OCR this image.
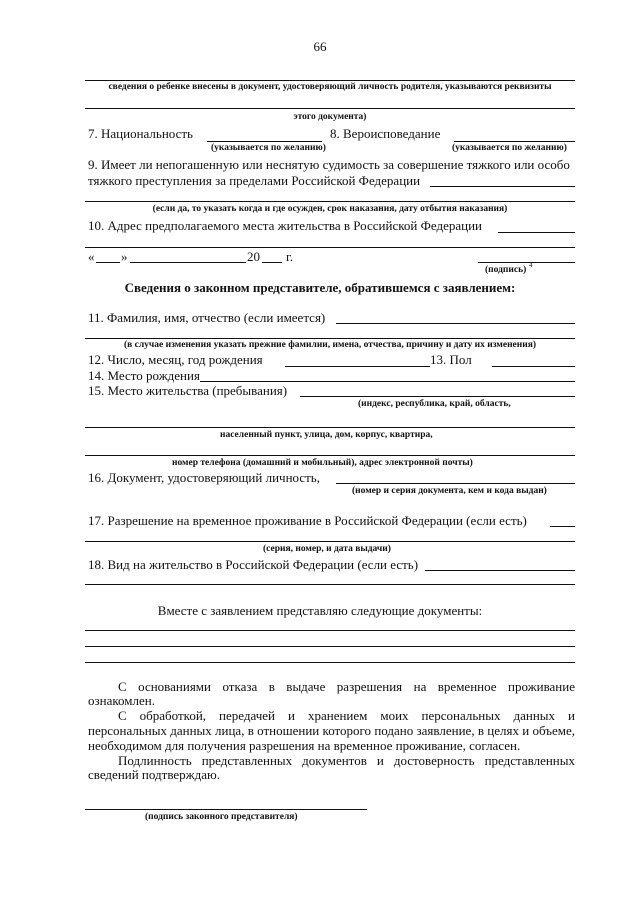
66
сведения о ребенке внесены в документ, удостоверяющий личность родителя, указываются реквизиты
этого документа)
7. Национальность
(указывается по желанию)
8. Вероисповедание
(указывается по желанию)
9. Имеет ли непогашенную или неснятую судимость за совершение тяжкого или особо
тяжкого преступления за пределами Российской Федерации
(если да, то указать когда и где осужден, срок наказания, дату отбытия наказания)
10. Адрес предполагаемого места жительства в Российской Федерации
« »	20 г.
(подпись) 4
Сведения о законном представителе, обратившемся с заявлением:
11. Фамилия, имя, отчество (если имеется)
(в случае изменения указать прежние фамилии, имена, отчества, причину и дату их изменения)
12. Число, месяц, год рождения	13. Пол
14. Место рождения
15. Место жительства (пребывания)
(индекс, республика, край, область,
населенный пункт, улица, дом, корпус, квартира,
номер телефона (домашний и мобильный), адрес электронной почты)
16. Документ, удостоверяющий личность,
(номер и серия документа, кем и кода выдан)
17. Разрешение на временное проживание в Российской Федерации (если есть)
(серия, номер, и дата выдачи)
18. Вид на жительство в Российской Федерации (если есть)
Вместе с заявлением представляю следующие документы:
С основаниями отказа в выдаче разрешения на временное проживание
ознакомлен.
С обработкой, передачей и хранением моих персональных данных и
персональных данных лица, в отношении которого подано заявление, в целях и объеме,
необходимом для получения разрешения на временное проживание, согласен.
Подлинность представленных документов и достоверность представленных
сведений подтверждаю.
(подпись законного представителя)
